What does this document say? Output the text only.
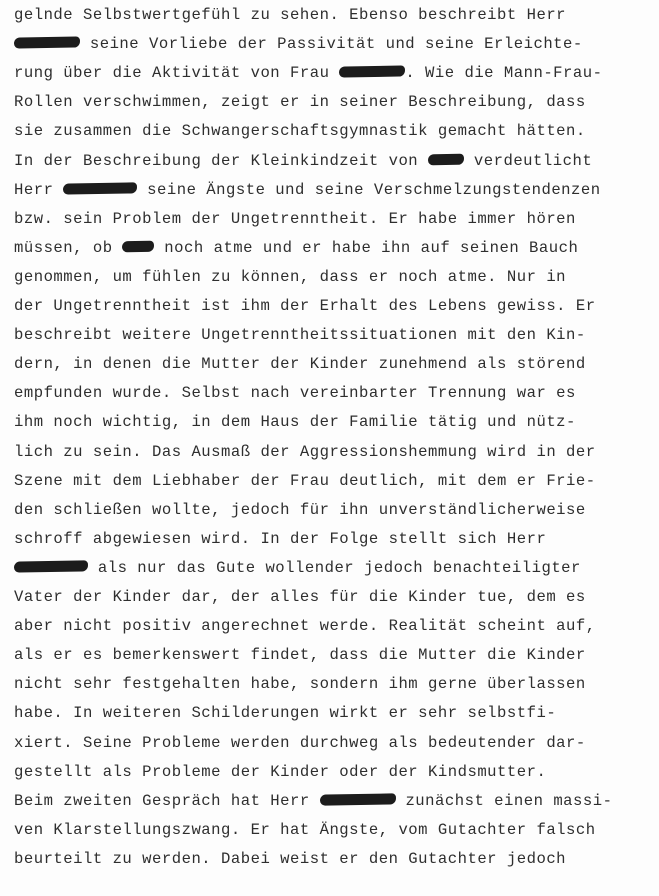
gelnde Selbstwertgefühl zu sehen. Ebenso beschreibt Herr
seine Vorliebe der Passivität und seine Erleichte-
rung über die Aktivität von Frau	. Wie die Mann-Frau-
Rollen verschwimmen, zeigt er in seiner Beschreibung, dass
sie zusammen die Schwangerschaftsgymnastik gemacht hätten.
In der Beschreibung der Kleinkindzeit von  verdeutlicht
Herr	seine Ängste und seine Verschmelzungstendenzen
bzw. sein Problem der Ungetrenntheit. Er habe immer hören
müssen, ob  noch atme und er habe ihn auf seinen Bauch
genommen, um fühlen zu können, dass er noch atme. Nur in
der Ungetrenntheit ist ihm der Erhalt des Lebens gewiss. Er
beschreibt weitere Ungetrenntheitssituationen mit den Kin-
dern, in denen die Mutter der Kinder zunehmend als störend
empfunden wurde. Selbst nach vereinbarter Trennung war es
ihm noch wichtig, in dem Haus der Familie tätig und nütz-
lich zu sein. Das Ausmaß der Aggressionshemmung wird in der
Szene mit dem Liebhaber der Frau deutlich, mit dem er Frie-
den schließen wollte, jedoch für ihn unverständlicherweise
schroff abgewiesen wird. In der Folge stellt sich Herr
als nur das Gute wollender jedoch benachteiligter
Vater der Kinder dar, der alles für die Kinder tue, dem es
aber nicht positiv angerechnet werde. Realität scheint auf,
als er es bemerkenswert findet, dass die Mutter die Kinder
nicht sehr festgehalten habe, sondern ihm gerne überlassen
habe. In weiteren Schilderungen wirkt er sehr selbstfi-
xiert. Seine Probleme werden durchweg als bedeutender dar-
gestellt als Probleme der Kinder oder der Kindsmutter.
Beim zweiten Gespräch hat Herr	zunächst einen massi-
ven Klarstellungszwang. Er hat Ängste, vom Gutachter falsch
beurteilt zu werden. Dabei weist er den Gutachter jedoch
